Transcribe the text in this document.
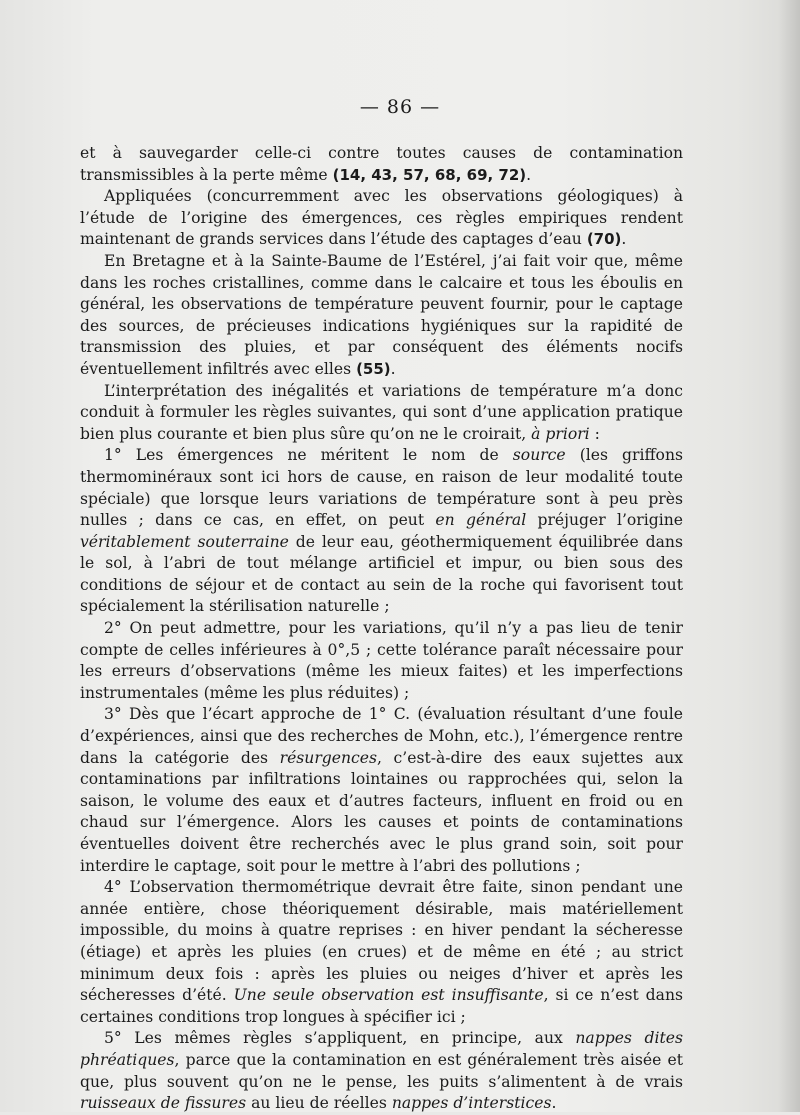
— 86 —

et à sauvegarder celle-ci contre toutes causes de contamination transmissibles à la perte même (14, 43, 57, 68, 69, 72).

Appliquées (concurremment avec les observations géologiques) à l’étude de l’origine des émergences, ces règles empiriques rendent maintenant de grands services dans l’étude des captages d’eau (70).

En Bretagne et à la Sainte-Baume de l’Estérel, j’ai fait voir que, même dans les roches cristallines, comme dans le calcaire et tous les éboulis en général, les observations de température peuvent fournir, pour le captage des sources, de précieuses indications hygiéniques sur la rapidité de transmission des pluies, et par conséquent des éléments nocifs éventuellement infiltrés avec elles (55).

L’interprétation des inégalités et variations de température m’a donc conduit à formuler les règles suivantes, qui sont d’une application pratique bien plus courante et bien plus sûre qu’on ne le croirait, à priori :

1° Les émergences ne méritent le nom de source (les griffons thermominéraux sont ici hors de cause, en raison de leur modalité toute spéciale) que lorsque leurs variations de température sont à peu près nulles ; dans ce cas, en effet, on peut en général préjuger l’origine véritablement souterraine de leur eau, géothermiquement équilibrée dans le sol, à l’abri de tout mélange artificiel et impur, ou bien sous des conditions de séjour et de contact au sein de la roche qui favorisent tout spécialement la stérilisation naturelle ;

2° On peut admettre, pour les variations, qu’il n’y a pas lieu de tenir compte de celles inférieures à 0°,5 ; cette tolérance paraît nécessaire pour les erreurs d’observations (même les mieux faites) et les imperfections instrumentales (même les plus réduites) ;

3° Dès que l’écart approche de 1° C. (évaluation résultant d’une foule d’expériences, ainsi que des recherches de Mohn, etc.), l’émergence rentre dans la catégorie des résurgences, c’est-à-dire des eaux sujettes aux contaminations par infiltrations lointaines ou rapprochées qui, selon la saison, le volume des eaux et d’autres facteurs, influent en froid ou en chaud sur l’émergence. Alors les causes et points de contaminations éventuelles doivent être recherchés avec le plus grand soin, soit pour interdire le captage, soit pour le mettre à l’abri des pollutions ;

4° L’observation thermométrique devrait être faite, sinon pendant une année entière, chose théoriquement désirable, mais matériellement impossible, du moins à quatre reprises : en hiver pendant la sécheresse (étiage) et après les pluies (en crues) et de même en été ; au strict minimum deux fois : après les pluies ou neiges d’hiver et après les sécheresses d’été. Une seule observation est insuffisante, si ce n’est dans certaines conditions trop longues à spécifier ici ;

5° Les mêmes règles s’appliquent, en principe, aux nappes dites phréatiques, parce que la contamination en est généralement très aisée et que, plus souvent qu’on ne le pense, les puits s’alimentent à de vrais ruisseaux de fissures au lieu de réelles nappes d’interstices.
